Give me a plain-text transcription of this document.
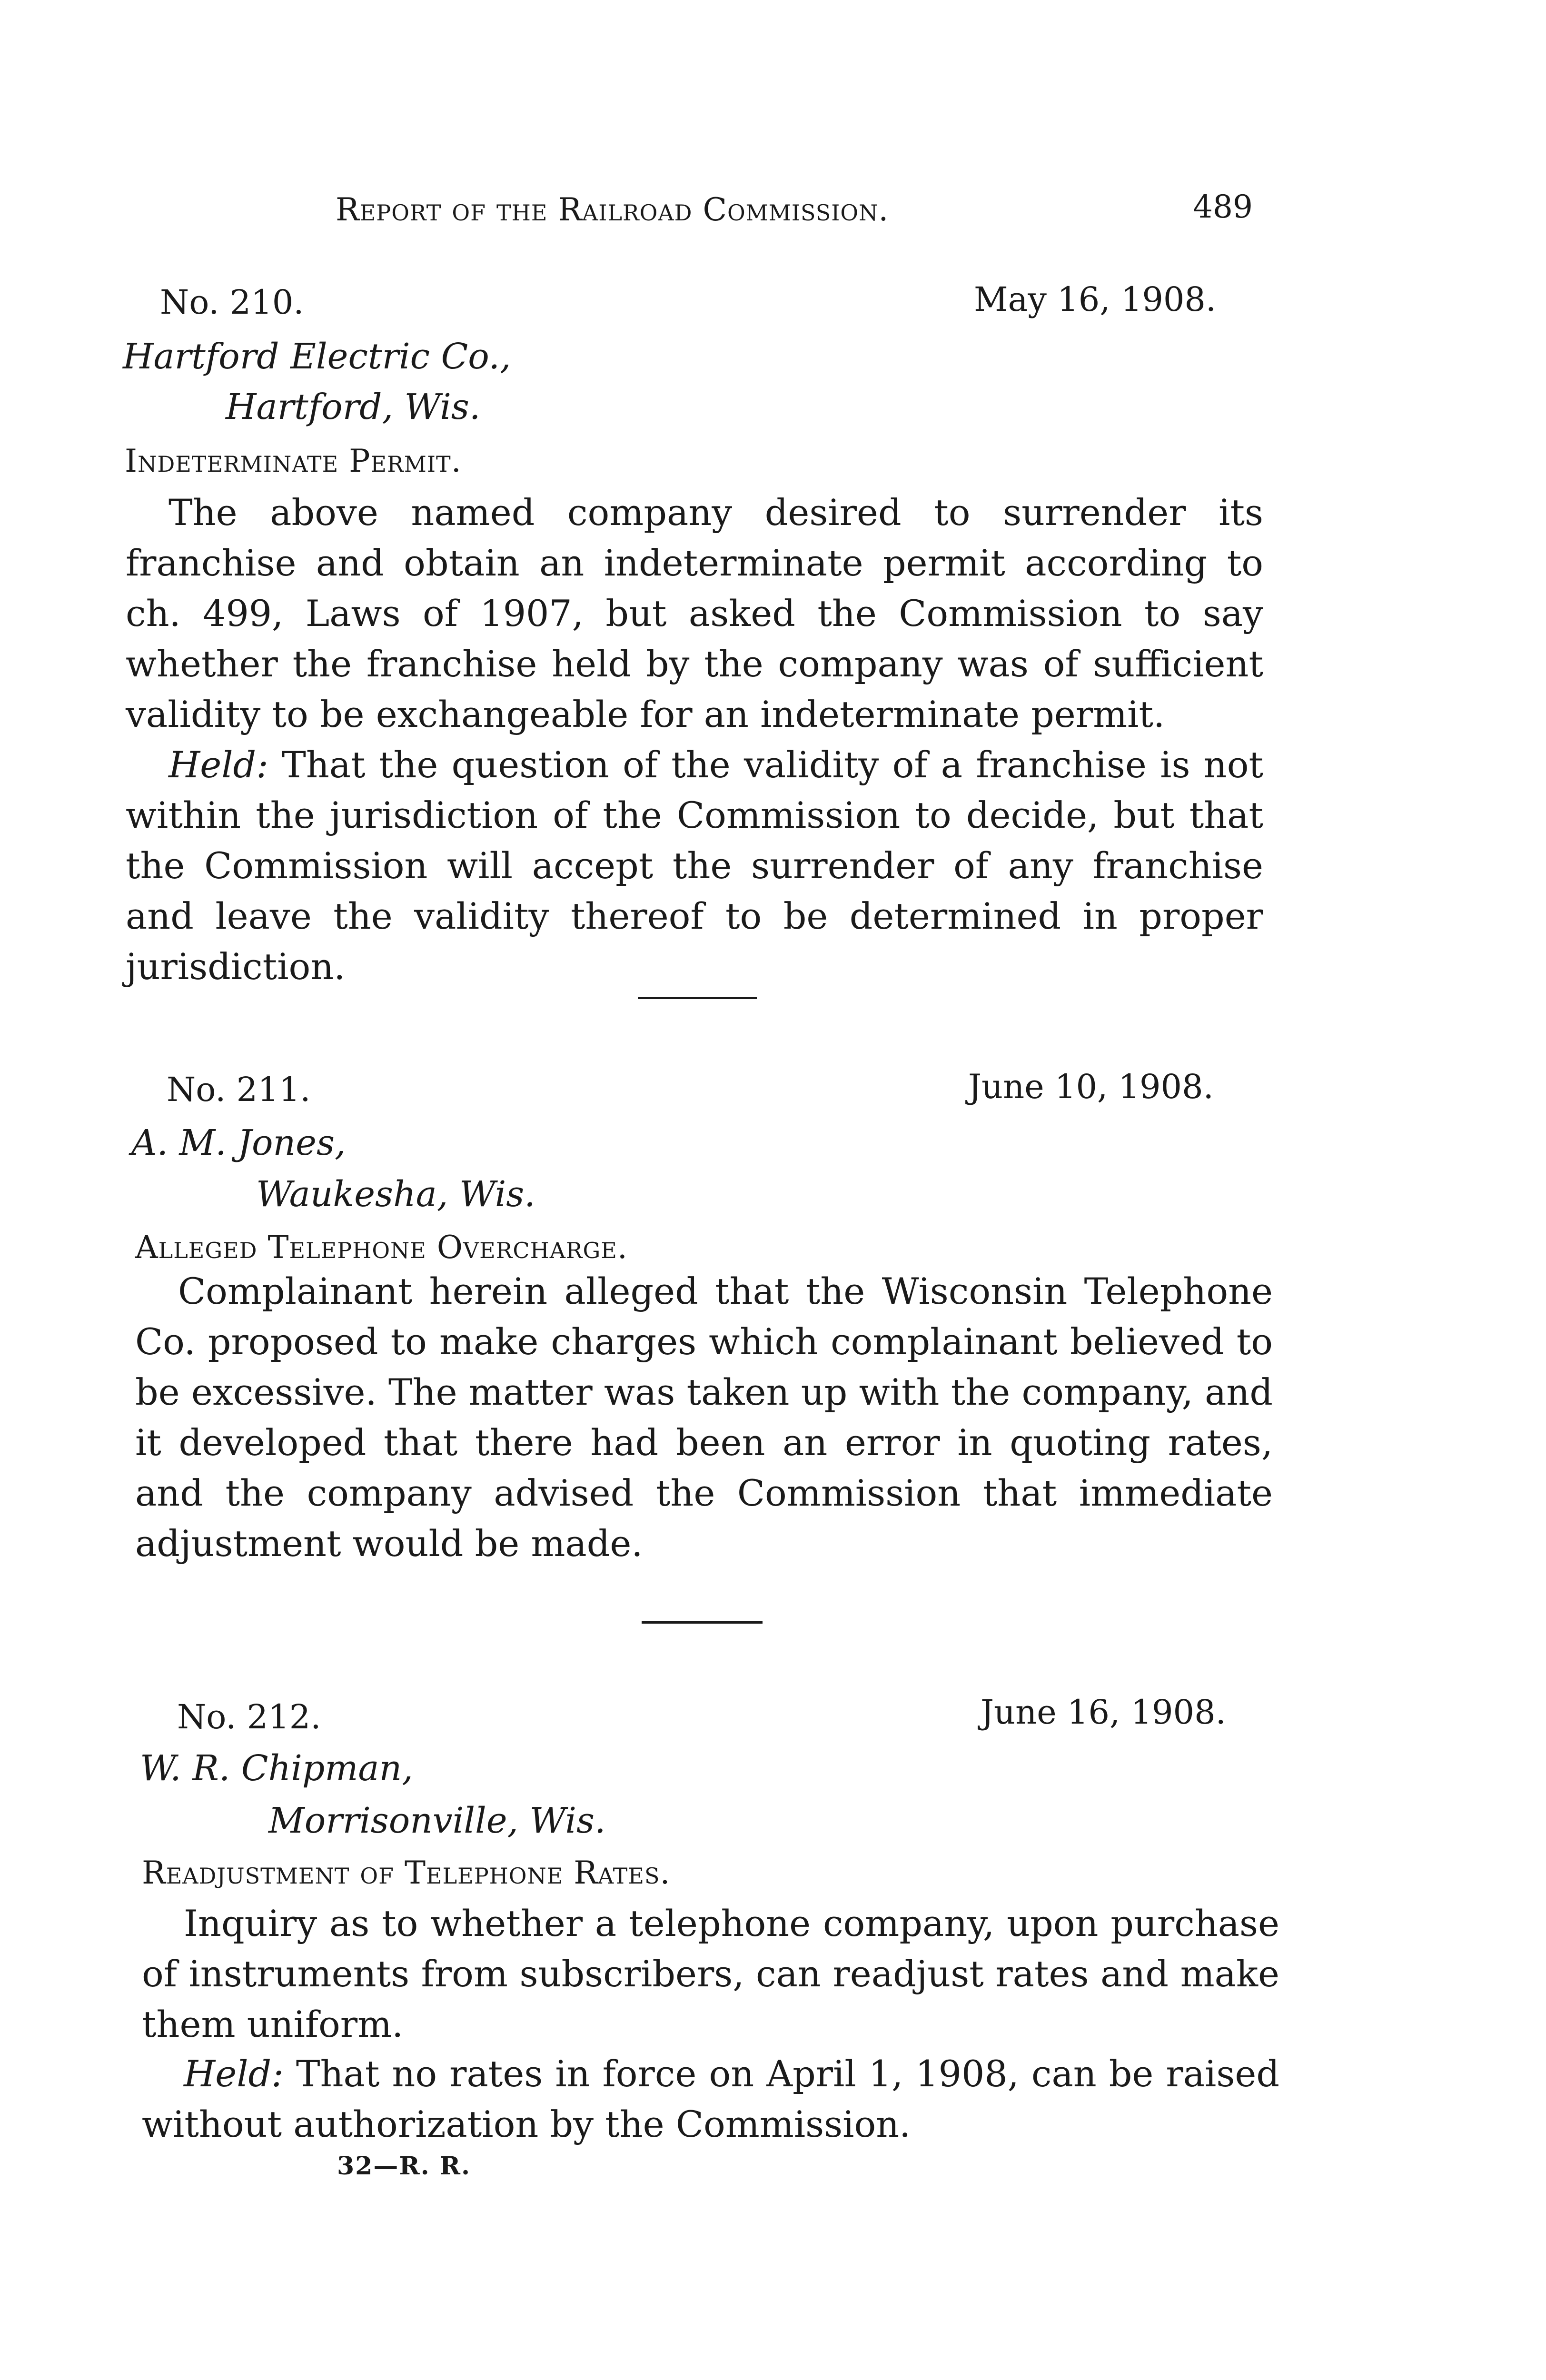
Report of the Railroad Commission.	489
No. 210.	May 16, 1908.
Hartford Electric Co.,
Hartford, Wis.
Indeterminate Permit.
The above named company desired to surrender its franchise and obtain an indeterminate permit according to ch. 499, Laws of 1907, but asked the Commission to say whether the franchise held by the company was of sufficient validity to be exchangeable for an indeterminate permit.
Held: That the question of the validity of a franchise is not within the jurisdiction of the Commission to decide, but that the Commission will accept the surrender of any franchise and leave the validity thereof to be determined in proper jurisdiction.
No. 211.	June 10, 1908.
A. M. Jones,
Waukesha, Wis.
Alleged Telephone Overcharge.
Complainant herein alleged that the Wisconsin Telephone Co. proposed to make charges which complainant believed to be excessive. The matter was taken up with the company, and it developed that there had been an error in quoting rates, and the company advised the Commission that immediate adjustment would be made.
No. 212.	June 16, 1908.
W. R. Chipman,
Morrisonville, Wis.
Readjustment of Telephone Rates.
Inquiry as to whether a telephone company, upon purchase of instruments from subscribers, can readjust rates and make them uniform.
Held: That no rates in force on April 1, 1908, can be raised without authorization by the Commission.
32—R. R.
